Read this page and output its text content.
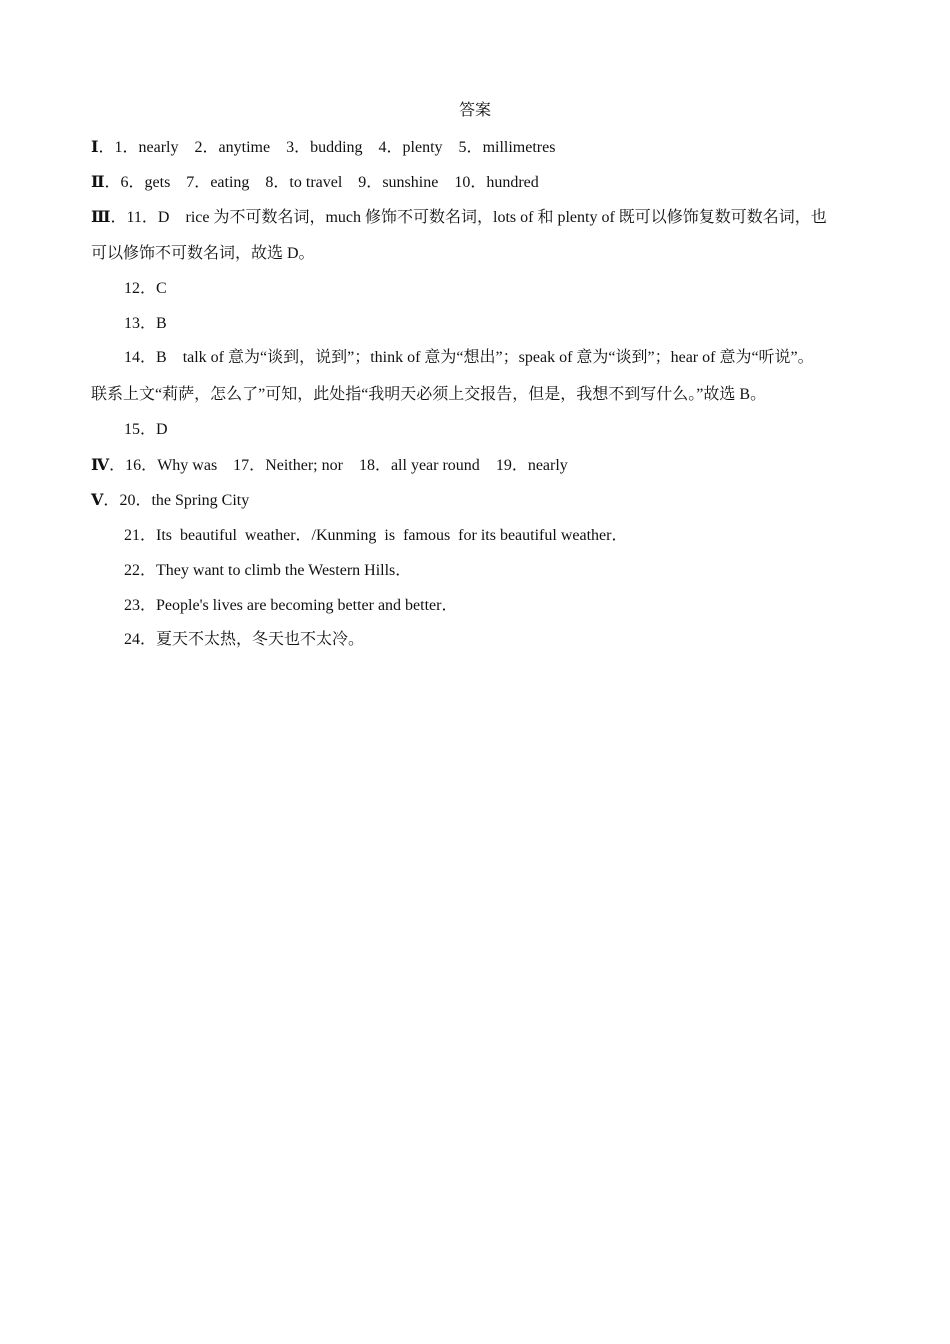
答案
Ⅰ．1．nearly 2．anytime 3．budding 4．plenty 5．millimetres
Ⅱ．6．gets 7．eating 8．to travel 9．sunshine 10．hundred
Ⅲ．11．D rice 为不可数名词，much 修饰不可数名词，lots of 和 plenty of 既可以修饰复数可数名词，也
可以修饰不可数名词，故选 D。
12．C
13．B
14．B talk of 意为“谈到，说到”；think of 意为“想出”；speak of 意为“谈到”；hear of 意为“听说”。
联系上文“莉萨，怎么了”可知，此处指“我明天必须上交报告，但是，我想不到写什么。”故选 B。
15．D
Ⅳ．16．Why was 17．Neither; nor 18．all year round 19．nearly
Ⅴ．20．the Spring City
21．Its  beautiful  weather．/Kunming  is  famous  for its beautiful weather．
22．They want to climb the Western Hills．
23．People's lives are becoming better and better．
24．夏天不太热，冬天也不太冷。
